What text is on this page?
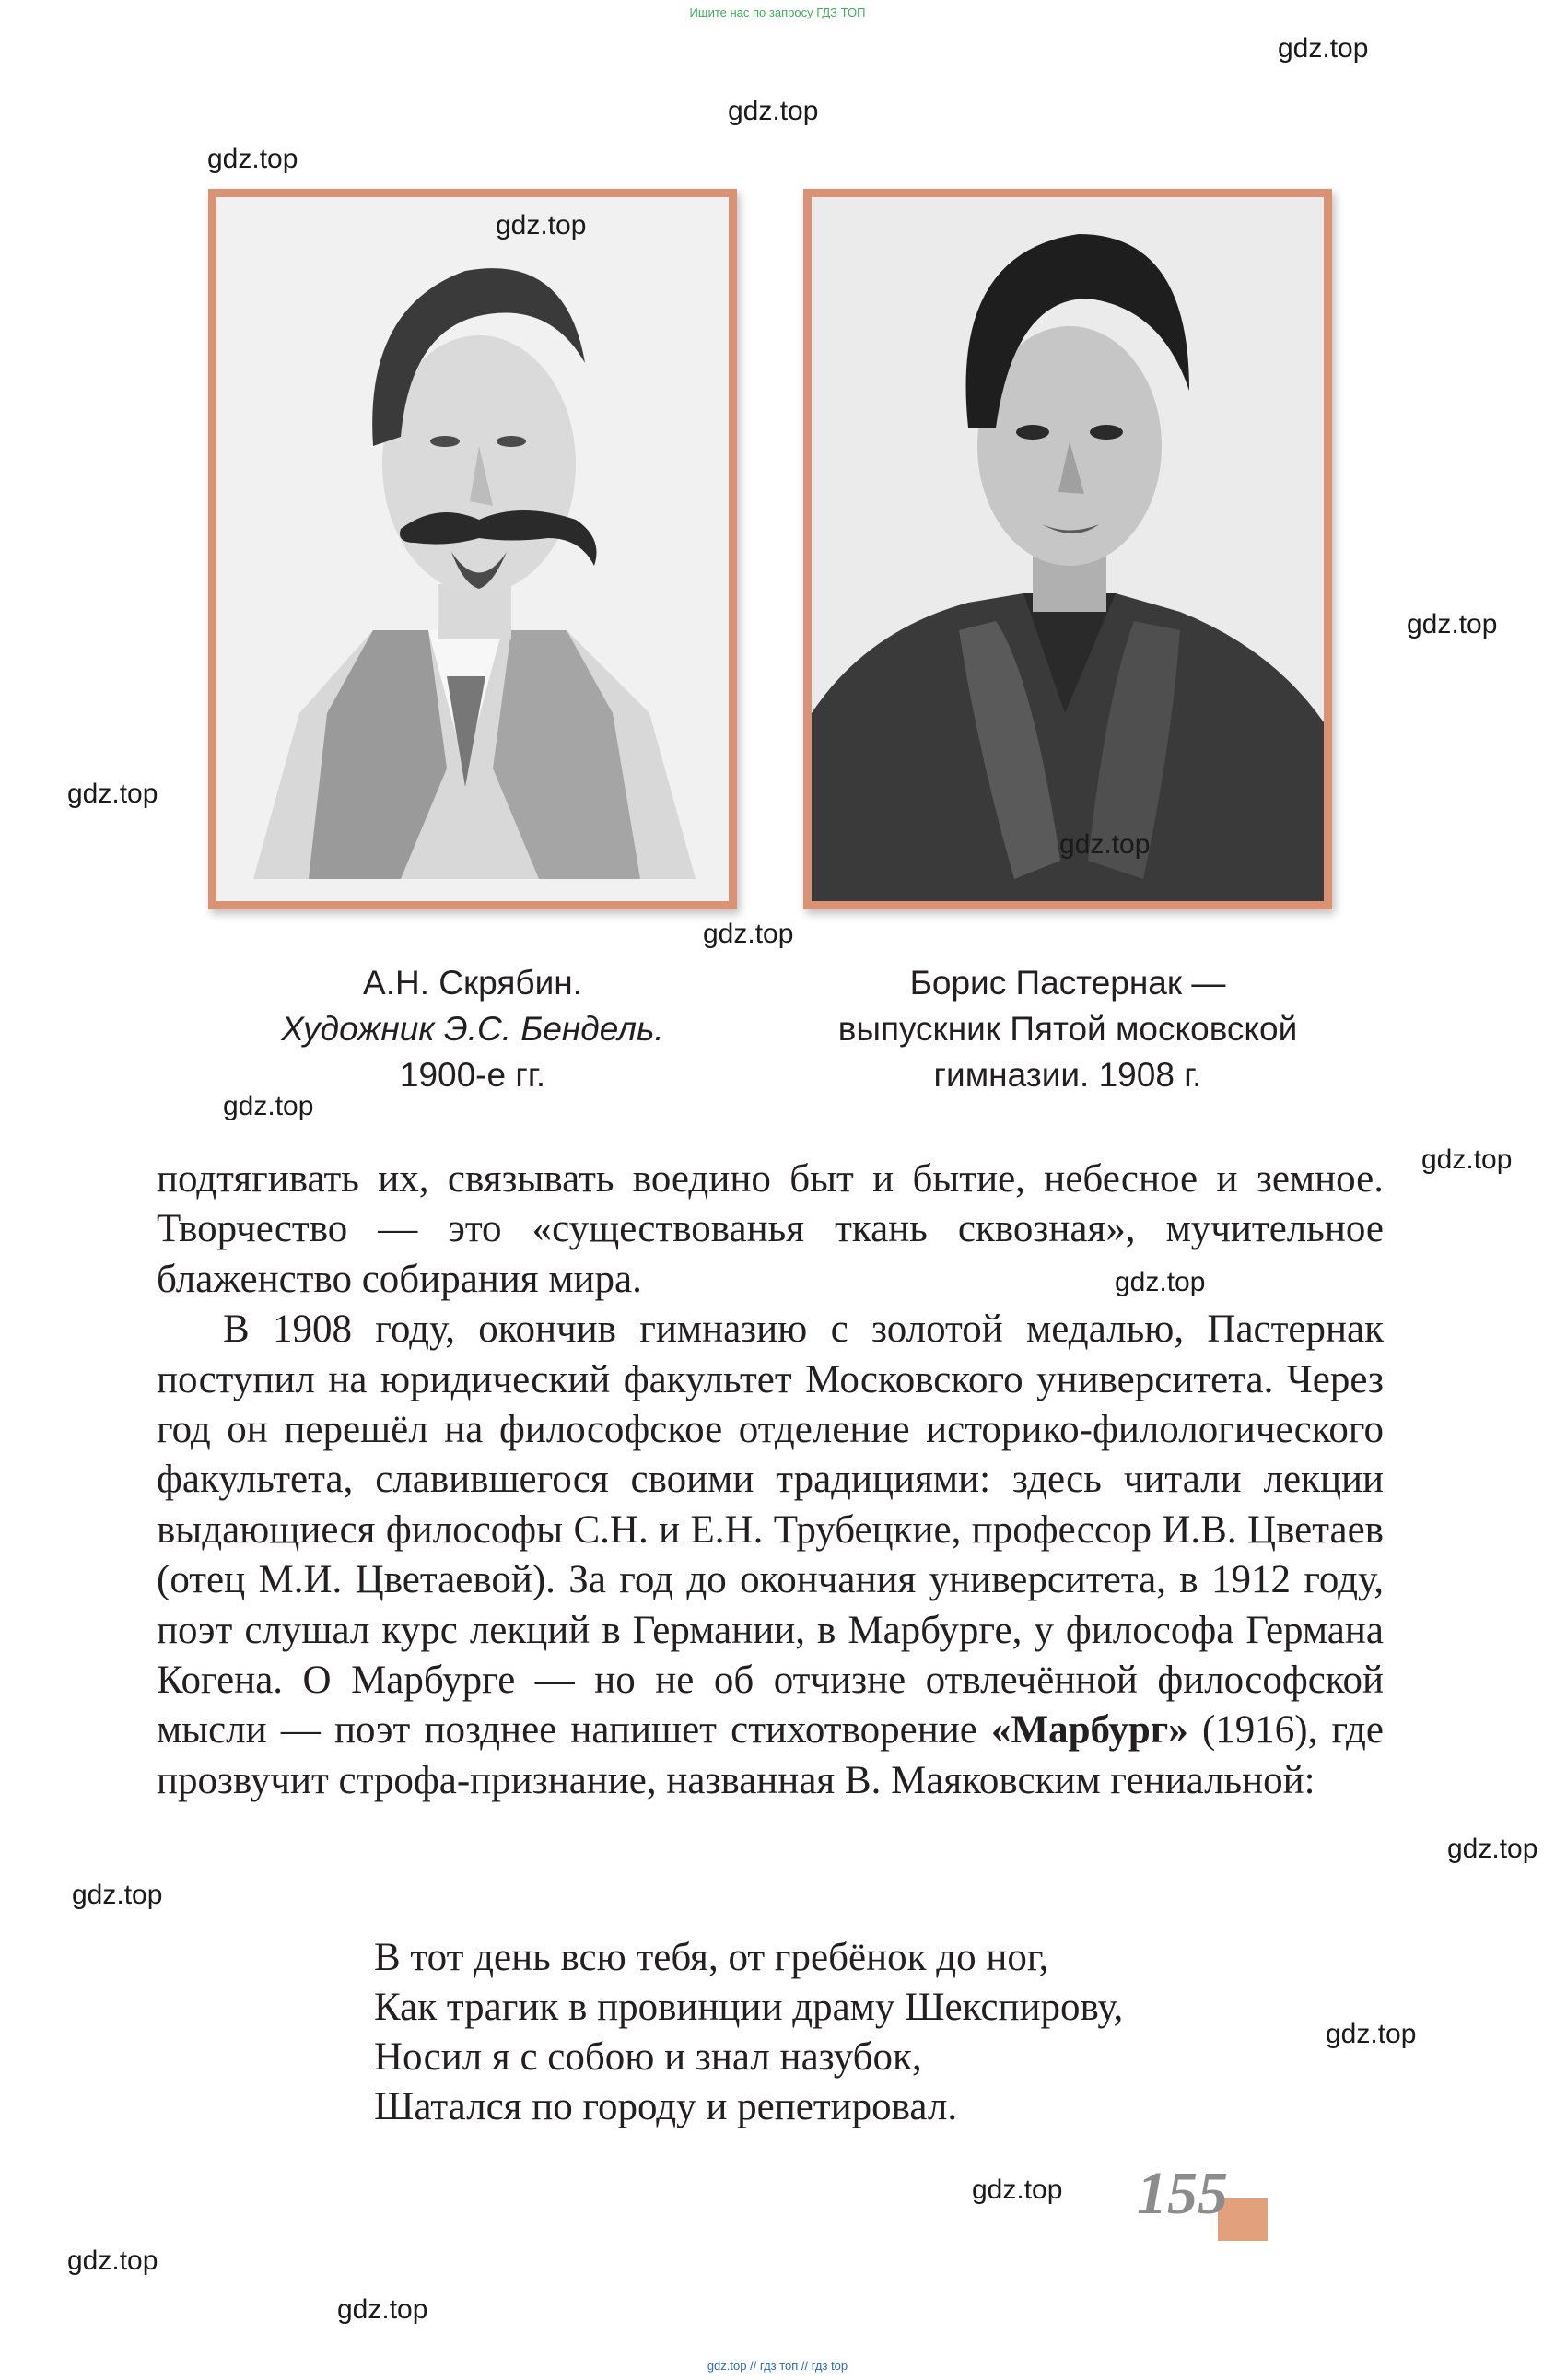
Ищите нас по запросу ГДЗ ТОП
А.Н. Скрябин.
Художник Э.С. Бендель.
1900-е гг.
Борис Пастернак —
выпускник Пятой московской
гимназии. 1908 г.

подтягивать их, связывать воедино быт и бытие, небесное и земное. Творчество — это «существованья ткань сквозная», мучительное блаженство собирания мира.

В 1908 году, окончив гимназию с золотой медалью, Пастернак поступил на юридический факультет Московского университета. Через год он перешёл на философское отделение историко-филологического факультета, славившегося своими традициями: здесь читали лекции выдающиеся философы С.Н. и Е.Н. Трубецкие, профессор И.В. Цветаев (отец М.И. Цветаевой). За год до окончания университета, в 1912 году, поэт слушал курс лекций в Германии, в Марбурге, у философа Германа Когена. О Марбурге — но не об отчизне отвлечённой философской мысли — поэт позднее напишет стихотворение «Марбург» (1916), где прозвучит строфа-признание, названная В. Маяковским гениальной:

В тот день всю тебя, от гребёнок до ног,
Как трагик в провинции драму Шекспирову,
Носил я с собою и знал назубок,
Шатался по городу и репетировал.
155
gdz.top
gdz.top
gdz.top
gdz.top
gdz.top
gdz.top
gdz.top
gdz.top
gdz.top
gdz.top
gdz.top
gdz.top
gdz.top
gdz.top
gdz.top
gdz.top
gdz.top
gdz.top // гдз топ // гдз top
